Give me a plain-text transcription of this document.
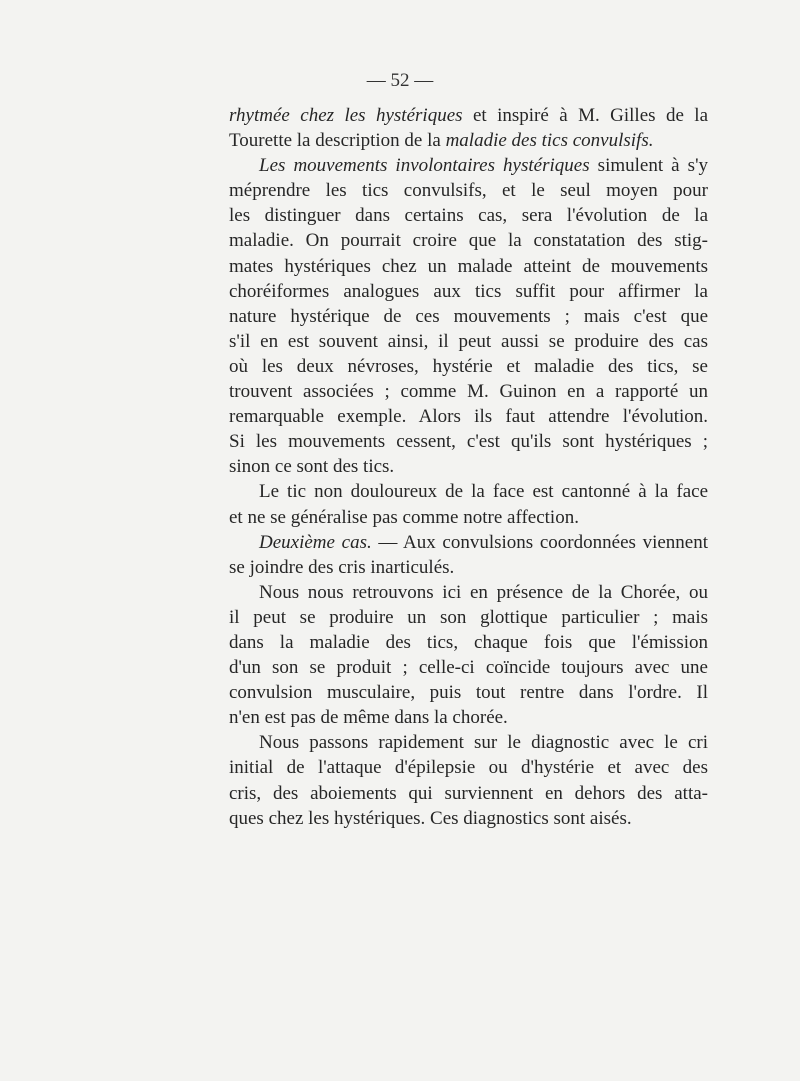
— 52 —
rhytmée chez les hystériques et inspiré à M. Gilles de la
Tourette la description de la maladie des tics convulsifs.
Les mouvements involontaires hystériques simulent à s'y
méprendre les tics convulsifs, et le seul moyen pour
les distinguer dans certains cas, sera l'évolution de la
maladie. On pourrait croire que la constatation des stig-
mates hystériques chez un malade atteint de mouvements
choréiformes analogues aux tics suffit pour affirmer la
nature hystérique de ces mouvements ; mais c'est que
s'il en est souvent ainsi, il peut aussi se produire des cas
où les deux névroses, hystérie et maladie des tics, se
trouvent associées ; comme M. Guinon en a rapporté un
remarquable exemple. Alors ils faut attendre l'évolution.
Si les mouvements cessent, c'est qu'ils sont hystériques ;
sinon ce sont des tics.
Le tic non douloureux de la face est cantonné à la face
et ne se généralise pas comme notre affection.
Deuxième cas. — Aux convulsions coordonnées viennent
se joindre des cris inarticulés.
Nous nous retrouvons ici en présence de la Chorée, ou
il peut se produire un son glottique particulier ; mais
dans la maladie des tics, chaque fois que l'émission
d'un son se produit ; celle-ci coïncide toujours avec une
convulsion musculaire, puis tout rentre dans l'ordre. Il
n'en est pas de même dans la chorée.
Nous passons rapidement sur le diagnostic avec le cri
initial de l'attaque d'épilepsie ou d'hystérie et avec des
cris, des aboiements qui surviennent en dehors des atta-
ques chez les hystériques. Ces diagnostics sont aisés.
